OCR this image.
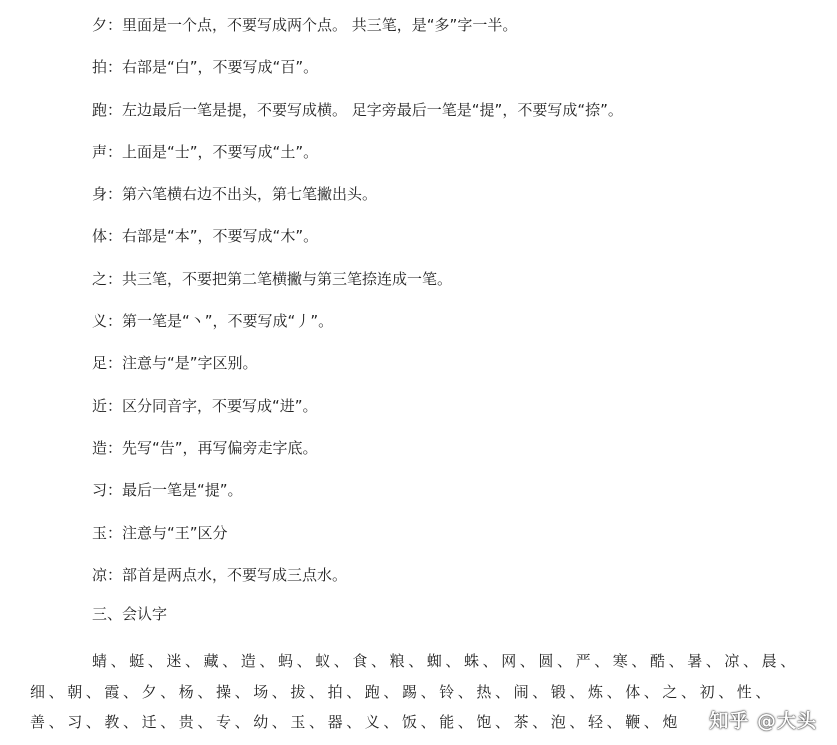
夕：里面是一个点，不要写成两个点。 共三笔，是“多”字一半。
拍：右部是“白”，不要写成“百”。
跑：左边最后一笔是提，不要写成横。 足字旁最后一笔是“提”，不要写成“捺”。
声：上面是“士”，不要写成“土”。
身：第六笔横右边不出头，第七笔撇出头。
体：右部是“本”，不要写成“木”。
之：共三笔，不要把第二笔横撇与第三笔捺连成一笔。
义：第一笔是“丶”，不要写成“丿”。
足：注意与“是”字区别。
近：区分同音字，不要写成“进”。
造：先写“告”，再写偏旁走字底。
习：最后一笔是“提”。
玉：注意与“王”区分
凉：部首是两点水，不要写成三点水。
三、会认字

蜻、蜓、迷、藏、造、蚂、蚁、食、粮、蜘、蛛、网、圆、严、寒、酷、暑、凉、晨、细、朝、霞、夕、杨、操、场、拔、拍、跑、踢、铃、热、闹、锻、炼、体、之、初、性、善、习、教、迁、贵、专、幼、玉、器、义、饭、能、饱、茶、泡、轻、鞭、炮	知乎 @大头
